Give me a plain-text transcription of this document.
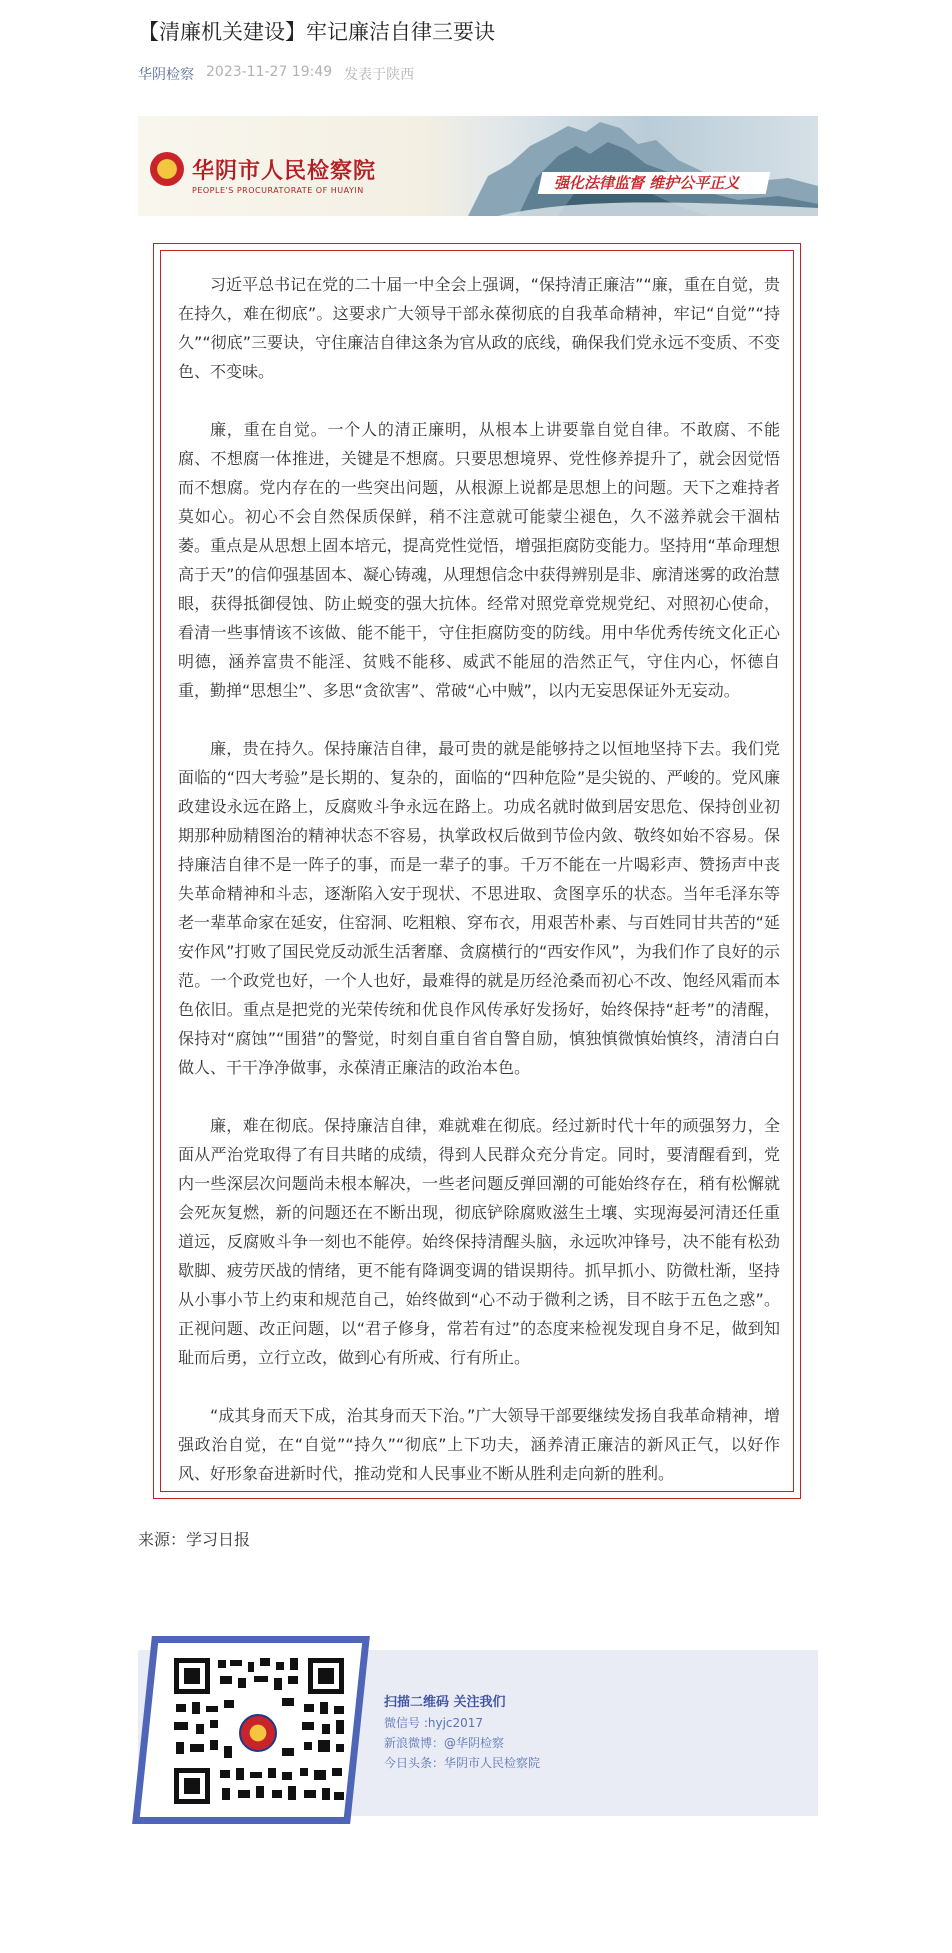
【清廉机关建设】牢记廉洁自律三要诀
华阴检察 2023-11-27 19:49 发表于陕西
华阴市人民检察院
PEOPLE'S PROCURATORATE OF HUAYIN	强化法律监督 维护公平正义

习近平总书记在党的二十届一中全会上强调，“保持清正廉洁”“廉，重在自觉，贵在持久，难在彻底”。这要求广大领导干部永葆彻底的自我革命精神，牢记“自觉”“持久”“彻底”三要诀，守住廉洁自律这条为官从政的底线，确保我们党永远不变质、不变色、不变味。

廉，重在自觉。一个人的清正廉明，从根本上讲要靠自觉自律。不敢腐、不能腐、不想腐一体推进，关键是不想腐。只要思想境界、党性修养提升了，就会因觉悟而不想腐。党内存在的一些突出问题，从根源上说都是思想上的问题。天下之难持者莫如心。初心不会自然保质保鲜，稍不注意就可能蒙尘褪色，久不滋养就会干涸枯萎。重点是从思想上固本培元，提高党性觉悟，增强拒腐防变能力。坚持用“革命理想高于天”的信仰强基固本、凝心铸魂，从理想信念中获得辨别是非、廓清迷雾的政治慧眼，获得抵御侵蚀、防止蜕变的强大抗体。经常对照党章党规党纪、对照初心使命，看清一些事情该不该做、能不能干，守住拒腐防变的防线。用中华优秀传统文化正心明德，涵养富贵不能淫、贫贱不能移、威武不能屈的浩然正气，守住内心，怀德自重，勤掸“思想尘”、多思“贪欲害”、常破“心中贼”，以内无妄思保证外无妄动。

廉，贵在持久。保持廉洁自律，最可贵的就是能够持之以恒地坚持下去。我们党面临的“四大考验”是长期的、复杂的，面临的“四种危险”是尖锐的、严峻的。党风廉政建设永远在路上，反腐败斗争永远在路上。功成名就时做到居安思危、保持创业初期那种励精图治的精神状态不容易，执掌政权后做到节俭内敛、敬终如始不容易。保持廉洁自律不是一阵子的事，而是一辈子的事。千万不能在一片喝彩声、赞扬声中丧失革命精神和斗志，逐渐陷入安于现状、不思进取、贪图享乐的状态。当年毛泽东等老一辈革命家在延安，住窑洞、吃粗粮、穿布衣，用艰苦朴素、与百姓同甘共苦的“延安作风”打败了国民党反动派生活奢靡、贪腐横行的“西安作风”，为我们作了良好的示范。一个政党也好，一个人也好，最难得的就是历经沧桑而初心不改、饱经风霜而本色依旧。重点是把党的光荣传统和优良作风传承好发扬好，始终保持“赶考”的清醒，保持对“腐蚀”“围猎”的警觉，时刻自重自省自警自励，慎独慎微慎始慎终，清清白白做人、干干净净做事，永葆清正廉洁的政治本色。

廉，难在彻底。保持廉洁自律，难就难在彻底。经过新时代十年的顽强努力，全面从严治党取得了有目共睹的成绩，得到人民群众充分肯定。同时，要清醒看到，党内一些深层次问题尚未根本解决，一些老问题反弹回潮的可能始终存在，稍有松懈就会死灰复燃，新的问题还在不断出现，彻底铲除腐败滋生土壤、实现海晏河清还任重道远，反腐败斗争一刻也不能停。始终保持清醒头脑，永远吹冲锋号，决不能有松劲歇脚、疲劳厌战的情绪，更不能有降调变调的错误期待。抓早抓小、防微杜渐，坚持从小事小节上约束和规范自己，始终做到“心不动于微利之诱，目不眩于五色之惑”。正视问题、改正问题，以“君子修身，常若有过”的态度来检视发现自身不足，做到知耻而后勇，立行立改，做到心有所戒、行有所止。

“成其身而天下成，治其身而天下治。”广大领导干部要继续发扬自我革命精神，增强政治自觉，在“自觉”“持久”“彻底”上下功夫，涵养清正廉洁的新风正气，以好作风、好形象奋进新时代，推动党和人民事业不断从胜利走向新的胜利。

来源：学习日报
扫描二维码 关注我们
微信号 :hyjc2017
新浪微博：@华阴检察
今日头条：华阴市人民检察院
